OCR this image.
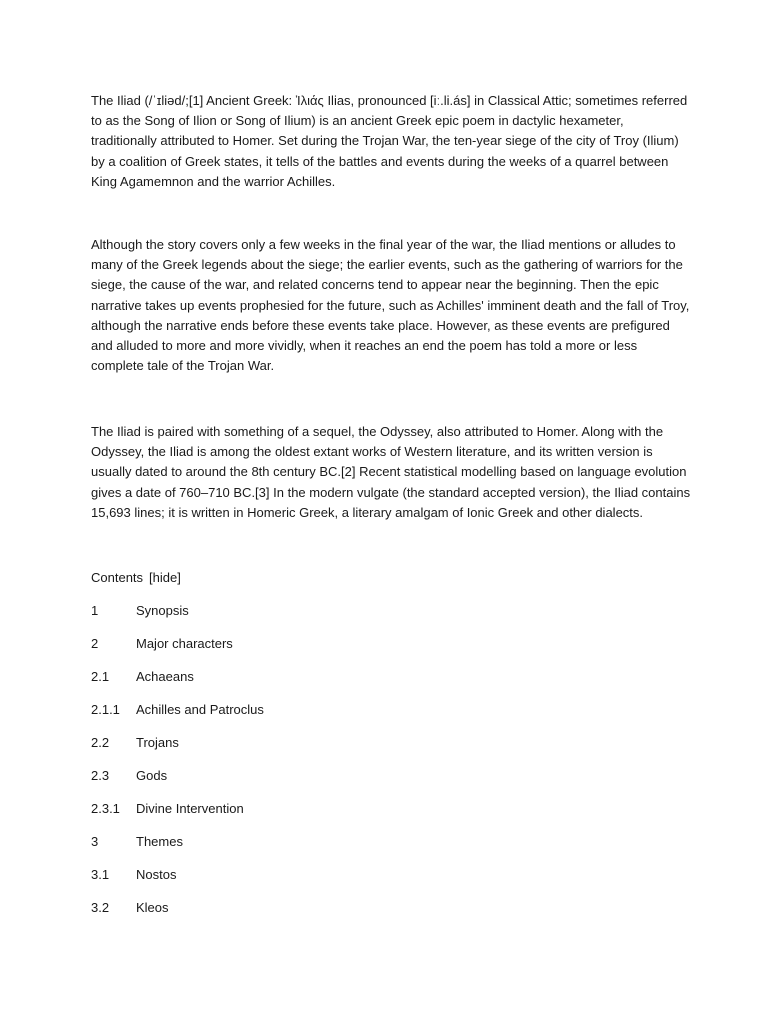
The Iliad (/ˈɪliəd/;[1] Ancient Greek: Ἰλιάς Ilias, pronounced [iː.li.ás] in Classical Attic; sometimes referred to as the Song of Ilion or Song of Ilium) is an ancient Greek epic poem in dactylic hexameter, traditionally attributed to Homer. Set during the Trojan War, the ten-year siege of the city of Troy (Ilium) by a coalition of Greek states, it tells of the battles and events during the weeks of a quarrel between King Agamemnon and the warrior Achilles.

Although the story covers only a few weeks in the final year of the war, the Iliad mentions or alludes to many of the Greek legends about the siege; the earlier events, such as the gathering of warriors for the siege, the cause of the war, and related concerns tend to appear near the beginning. Then the epic narrative takes up events prophesied for the future, such as Achilles' imminent death and the fall of Troy, although the narrative ends before these events take place. However, as these events are prefigured and alluded to more and more vividly, when it reaches an end the poem has told a more or less complete tale of the Trojan War.

The Iliad is paired with something of a sequel, the Odyssey, also attributed to Homer. Along with the Odyssey, the Iliad is among the oldest extant works of Western literature, and its written version is usually dated to around the 8th century BC.[2] Recent statistical modelling based on language evolution gives a date of 760–710 BC.[3] In the modern vulgate (the standard accepted version), the Iliad contains 15,693 lines; it is written in Homeric Greek, a literary amalgam of Ionic Greek and other dialects.

Contents [hide]
1	Synopsis
2	Major characters
2.1 Achaeans
2.1.1 Achilles and Patroclus
2.2 Trojans
2.3 Gods
2.3.1 Divine Intervention
3	Themes
3.1 Nostos
3.2 Kleos
